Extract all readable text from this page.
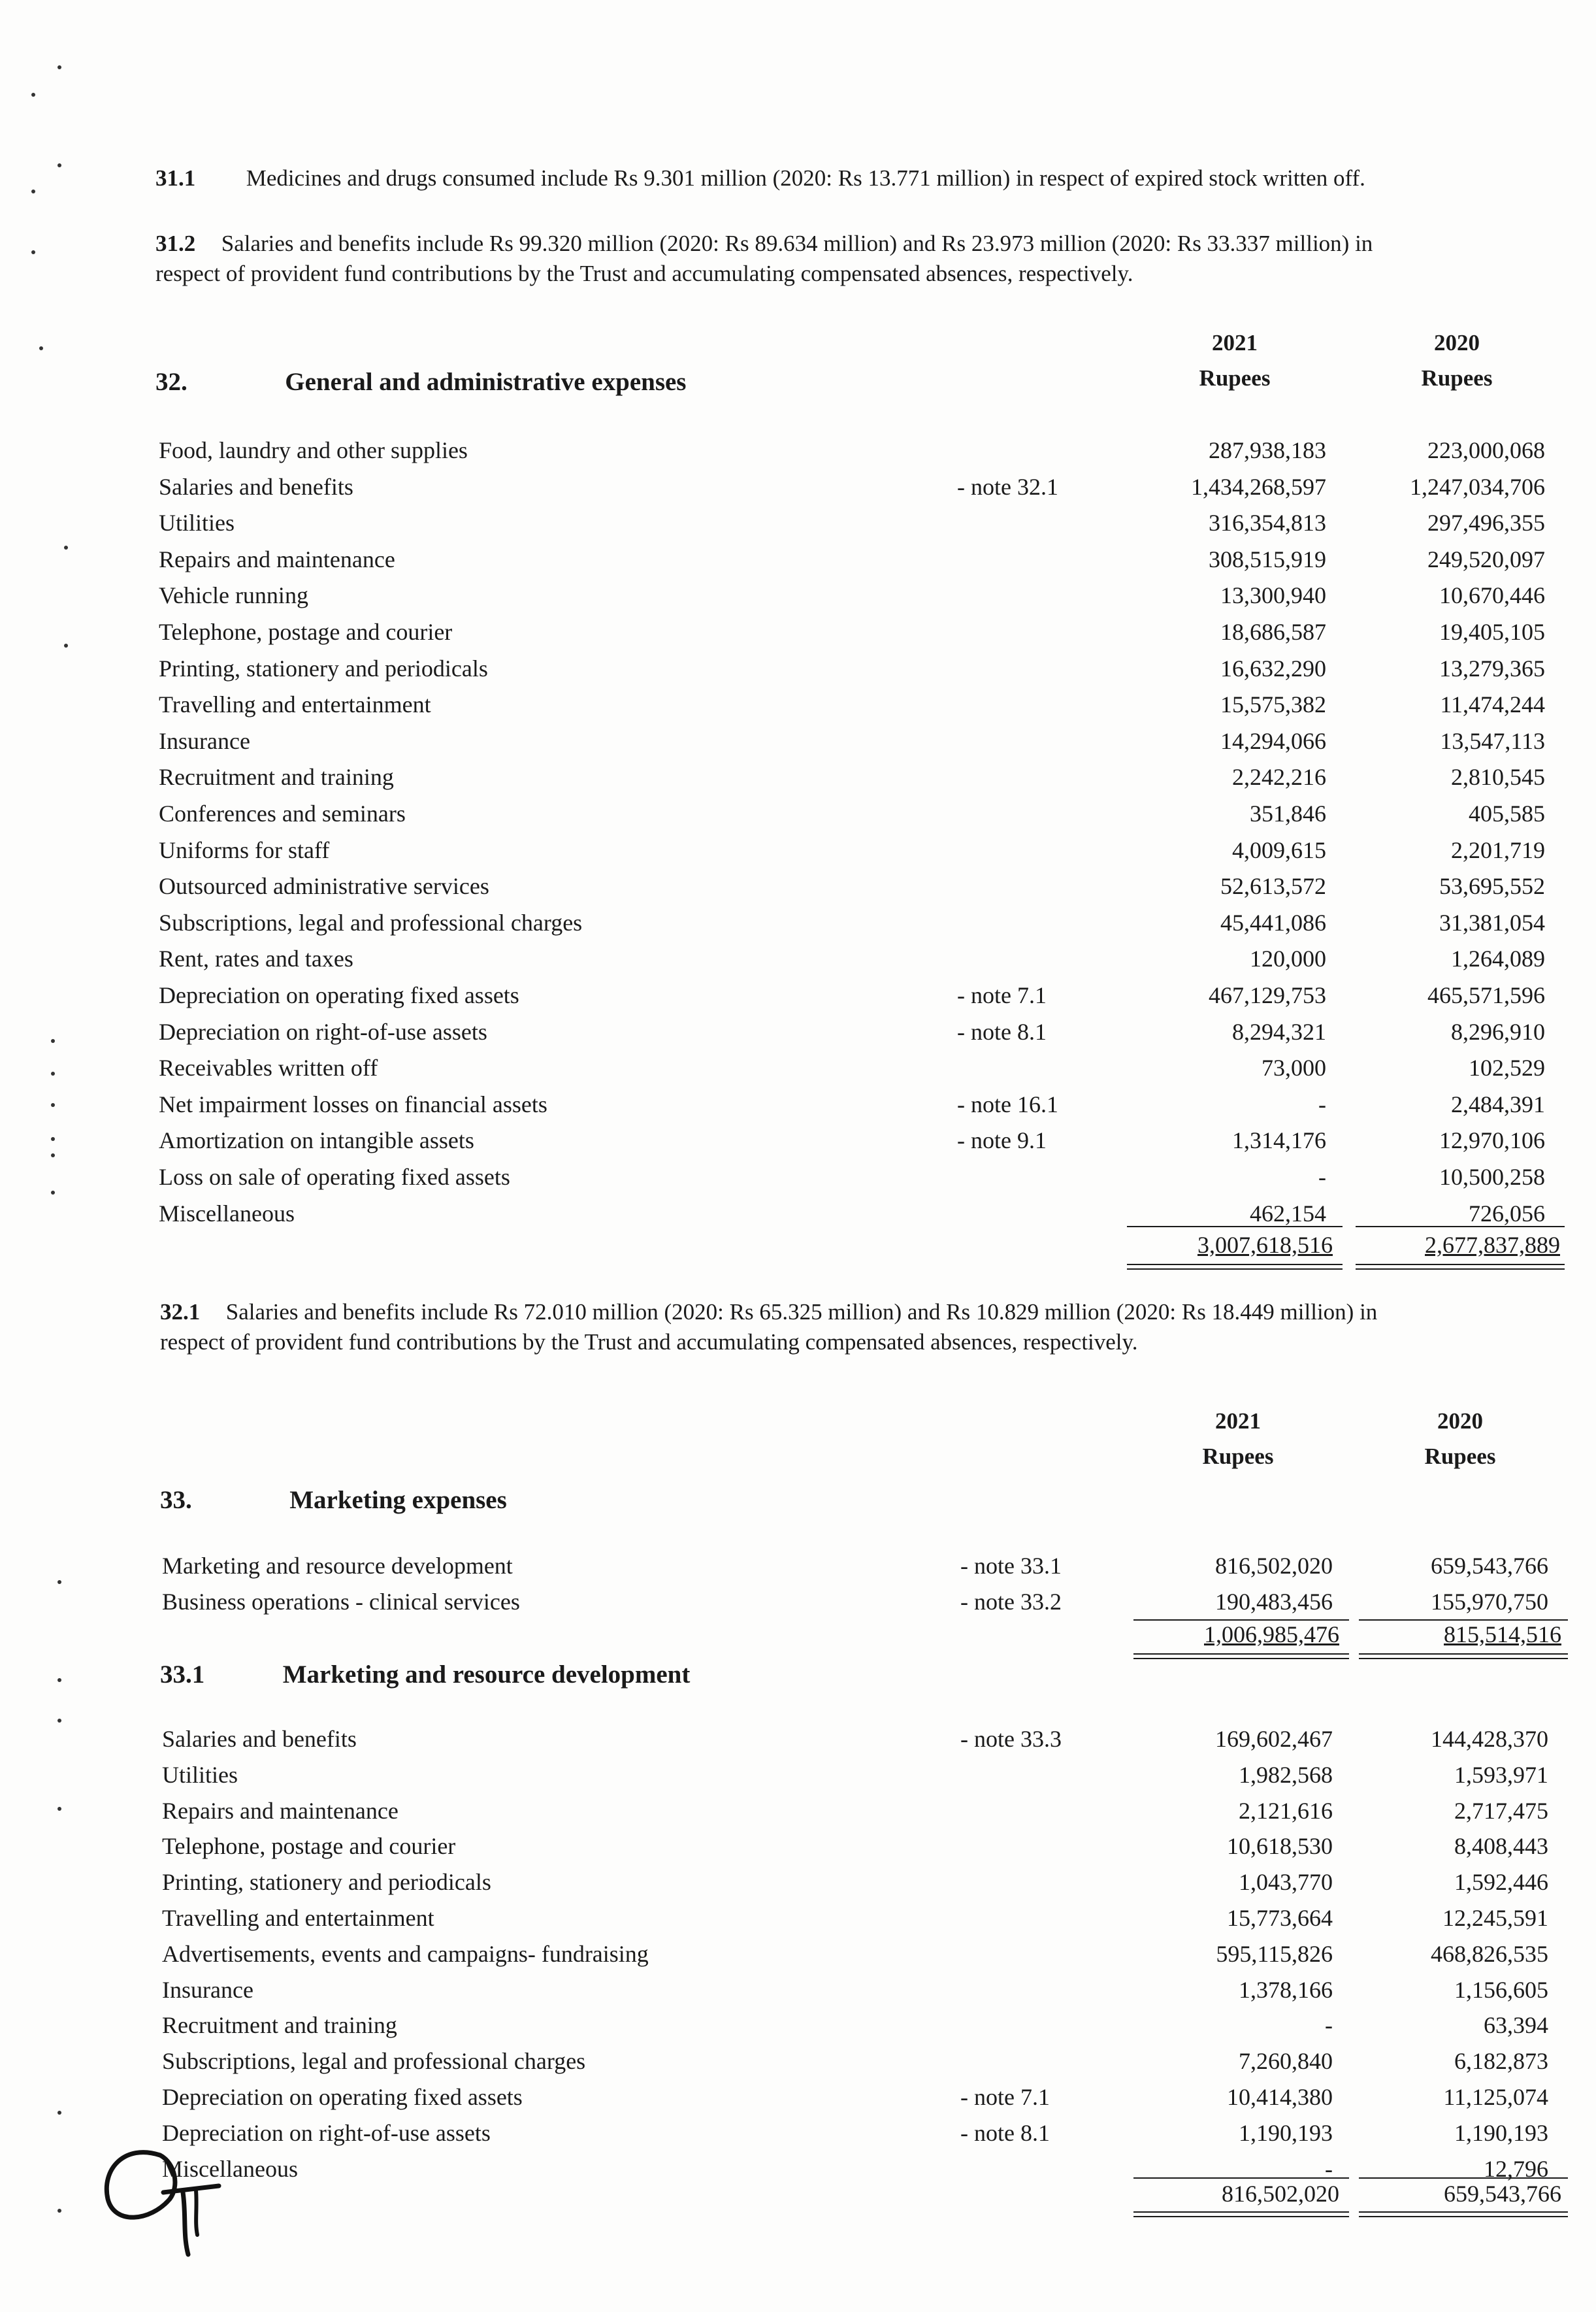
31.1 Medicines and drugs consumed include Rs 9.301 million (2020: Rs 13.771 million) in respect of expired stock written off.
31.2 Salaries and benefits include Rs 99.320 million (2020: Rs 89.634 million) and Rs 23.973 million (2020: Rs 33.337 million) in
respect of provident fund contributions by the Trust and accumulating compensated absences, respectively.
32.	General and administrative expenses
2021
Rupees
2020
Rupees
Food, laundry and other supplies	287,938,183	223,000,068
Salaries and benefits	- note 32.1	1,434,268,597	1,247,034,706
Utilities	316,354,813	297,496,355
Repairs and maintenance	308,515,919	249,520,097
Vehicle running	13,300,940	10,670,446
Telephone, postage and courier	18,686,587	19,405,105
Printing, stationery and periodicals	16,632,290	13,279,365
Travelling and entertainment	15,575,382	11,474,244
Insurance	14,294,066	13,547,113
Recruitment and training	2,242,216	2,810,545
Conferences and seminars	351,846	405,585
Uniforms for staff	4,009,615	2,201,719
Outsourced administrative services	52,613,572	53,695,552
Subscriptions, legal and professional charges	45,441,086	31,381,054
Rent, rates and taxes	120,000	1,264,089
Depreciation on operating fixed assets	- note 7.1	467,129,753	465,571,596
Depreciation on right-of-use assets	- note 8.1	8,294,321	8,296,910
Receivables written off	73,000	102,529
Net impairment losses on financial assets	- note 16.1	-	2,484,391
Amortization on intangible assets	- note 9.1	1,314,176	12,970,106
Loss on sale of operating fixed assets	-	10,500,258
Miscellaneous	462,154	726,056
3,007,618,516	2,677,837,889
32.1 Salaries and benefits include Rs 72.010 million (2020: Rs 65.325 million) and Rs 10.829 million (2020: Rs 18.449 million) in
respect of provident fund contributions by the Trust and accumulating compensated absences, respectively.
2021
Rupees
2020
Rupees
33.	Marketing expenses
Marketing and resource development	- note 33.1	816,502,020	659,543,766
Business operations - clinical services	- note 33.2	190,483,456	155,970,750
1,006,985,476	815,514,516
33.1	Marketing and resource development
Salaries and benefits	- note 33.3	169,602,467	144,428,370
Utilities	1,982,568	1,593,971
Repairs and maintenance	2,121,616	2,717,475
Telephone, postage and courier	10,618,530	8,408,443
Printing, stationery and periodicals	1,043,770	1,592,446
Travelling and entertainment	15,773,664	12,245,591
Advertisements, events and campaigns- fundraising	595,115,826	468,826,535
Insurance	1,378,166	1,156,605
Recruitment and training	-	63,394
Subscriptions, legal and professional charges	7,260,840	6,182,873
Depreciation on operating fixed assets	- note 7.1	10,414,380	11,125,074
Depreciation on right-of-use assets	- note 8.1	1,190,193	1,190,193
Miscellaneous	-	12,796
816,502,020	659,543,766
